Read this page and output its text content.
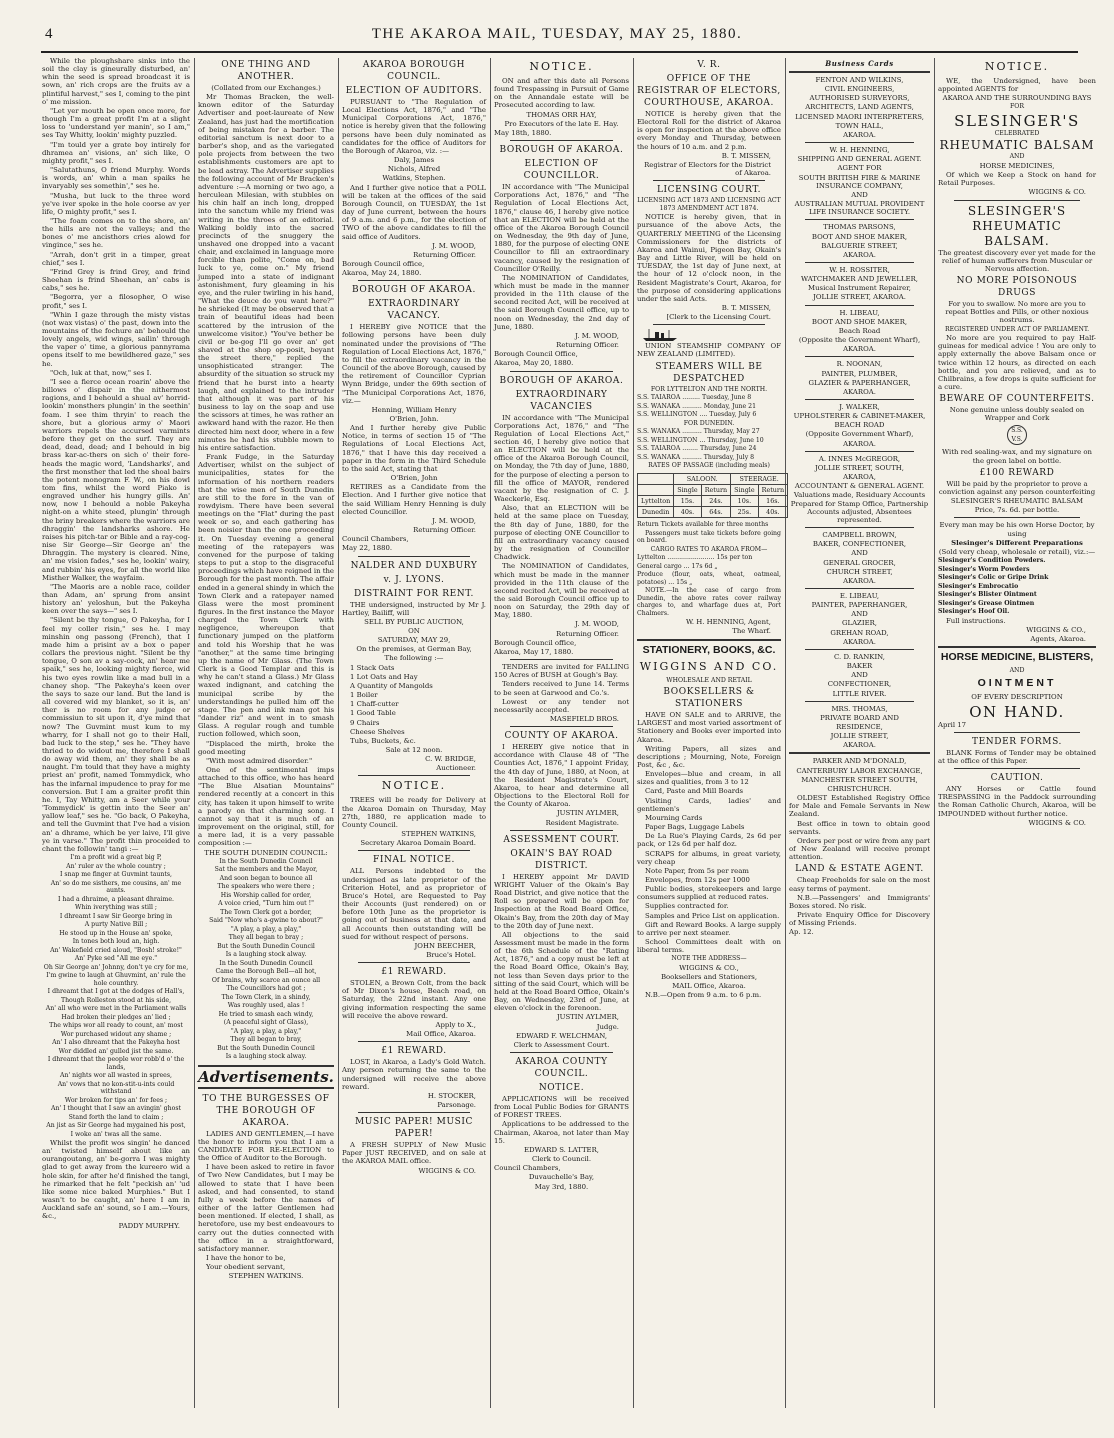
4	THE AKAROA MAIL, TUESDAY, MAY 25, 1880.

While the ploughshare sinks into the soil the clay is gineurally disturbed, an' whin the seed is spread broadcast it is sown, an' rich crops are the fruits av a plintiful harvest," ses I, coming to the pint o' me mission.

"Let yer mouth be open once more, for though I'm a great profit I'm at a slight loss to 'understand yer manin', so I am," ses Tay Whitty, lookin' mighty puzzled.

"I'm tould yer a grate boy intirely for dhramea an' visions, an' sich like, O mighty profit," ses I.

"Salutathuns, O friend Murphy. Words is words, an' whin a man spaiks he invaryably ses somethin'," ses he.

"Musha, but luck to the three word ye've iver spoke in the hole coorse av yer life, O mighty profit," ses I.

"The foam comes on to the shore, an' the hills are not the valleys; and the bones o' me ancisthors cries alowd for vingince," ses he.

"Arrah, don't grit in a timper, great chief," ses I.

"Frind Grey is frind Grey, and frind Sheehan is frind Sheehan, an' cabs is cabs," ses he.

"Begorra, yer a filosopher, O wise profit," ses I.

"Whin I gaze through the misty vistas (not wax vistas) o' the past, down into the mountains of the fochure an' behould the lovely angels, wid wings, sailin' through the vaper o' time, a glorious pannyrama opens itself to me bewildhered gaze," ses he.

"Och, luk at that, now," ses I.

"I see a fierce ocean roarin' above the billows o' dispair in the nithermost ragions, and I behould a shual av' horrid-lookin' monsthers plungin' in the seethin' foam. I see thim thryin' to reach the shore, but a glorious army o' Maori warriors repels the accursed varmints before they get on the surf. They are dead, dead, dead; and I behould in big brass kar-ac-thers on sich o' their fore-heads the magic word, 'Landsharks', and the first monsther that led the shoal bairs the potent monogram F. W., on his dowl tom fins, whilst the word Piako is engraved undher his hungry gills. An' now, now I behould a noble Pakeyha night-on a white steed, plungin' through the briny breakers where the warriors are dhraggin' the landsharks ashore. He raises his pitch-tar or Bible and a ray-cog-nise Sir George—Sir George an' the Dhraggin. The mystery is cleared. Nine, an' me vision fades," ses he, lookin' wairy, and rubbin' his eyes, for all the world like Misther Walker, the wayfaim.

"The Maoris are a noble race, coilder than Adam, an' sprung from ansint history an' yeloshun, but the Pakeyha keen over the says—" ses I.

"Silent be thy tongue, O Pakeyha, for I feel my coller risin," ses he. I may minshin ong passong (French), that I made him a prisint av a box o paper collars the previous night. "Silent be thy tongue, O son av a say-cock, an' hear me spaik," ses he, looking mighty fierce, wid his two eyes rowlin like a mad bull in a chaney shop. "The Pakeyha's keen over the says to saze our land. But the land is all covered wid my blanket, so it is, an' ther is no room for any judge or commissiun to sit upon it, d'ye mind that now? The Guvmint must kum to my wharry, for I shall not go to their Hall, bad luck to the step," ses he. "They have thried to do widout me, therefore I shall do away wid them, an' they shall be as naught. I'm tould that they have a mighty priest an' profit, named Tommydick, who has the infarnal impudence to pray for me conversion. But I am a graiter profit thin he. I, Tay Whitty, am a Seer while your 'Tommydick' is gettin into the Seer an' yallow leaf," ses he. "Go back, O Pakeyha, and tell the Guvmint that I've had a vision an' a dhrame, which be yer laive, I'll give ye in varse." The profit thin proceided to chant the followin' tangi :—

I'm a profit wid a great big P,

An' ruler av the whole country ;

I snap me finger at Guvmint taunts,

An' so do me sisthers, me cousins, an' me aunts.

I had a dhraime, a pleasant dhraime.

Whin iverything was still ;

I dhreamt I saw Sir George bring in

A purty Native Bill ;

He stood up in the House an' spoke,

In tones both loud an, high.

An' Wakefield cried aloud, "Bosh! stroke!"

An' Pyke sed "All me eye."

Oh Sir George an' Johnny, don't ye cry for me,

I'm gwine to laugh at Ghuvmint, an' rule the hole counthry.

I dhreamt that I got at the dodges of Hall's,

Though Rolleston stood at his side,

An' all who were met in the Parliament walls

Had broken their pledges an' lied ;

The whips wor all ready to count, an' most

Wor purchased widout any shame ;

An' I also dhreamt that the Pakeyha host

Wor diddled an' gulled jist the same.

I dhreamt that the people wor robb'd o' the lands,

An' nights wor all wasted in sprees,

An' vows that no kon-stit-u-ints could withstand

Wor broken for tips an' for fees ;

An' I thought that I saw an avingin' ghost

Stand forth the land to claim ;

An jist as Sir George had mygained his post,

I woke an' twas all the same.

Whilst the profit wos singin' he danced an' twisted himself about like an ourangoutang, an' be-gorra I was mighty glad to get away from the kureero wid a hole skin, for after he'd finished the tangi, he rimarked that he felt "peckish an' 'ud like some nice baked Murphies." But I wasn't to be caught, an' here I am in Auckland safe an' sound, so I am.—Yours, &c.,

PADDY MURPHY.

ONE THING AND ANOTHER.

(Collated from our Exchanges.)

Mr Thomas Bracken, the well-known editor of the Saturday Advertiser and poet-laureate of New Zealand, has just had the mortification of being mistaken for a barber. The editorial sanctum is next door to a barber's shop, and as the variegated pole projects from between the two establishments customers are apt to be lead astray. The Advertiser supplies the following account of Mr Bracken's adventure :—A morning or two ago, a herculean Milesian, with stubbles on his chin half an inch long, dropped into the sanctum while my friend was writing in the throes of an editorial. Walking boldly into the sacred precincts of the snuggery the unshaved one dropped into a vacant chair, and exclaimed in language more forcible than polite, "Come on, bad luck to ye, come on." My friend jumped into a state of indignant astonishment, fury gleaming in his eye, and the ruler twirling in his hand, "What the deuce do you want here?" he shrieked (It may be observed that a train of beautiful ideas had been scattered by the intrusion of the unwelcome visitor.) "You've bether be civil or be-gog I'll go over an' get shaved at the shop op-posit, beyant the street there," replied the unsophisticated stranger. The absurdity of the situation so struck my friend that he burst into a hearty laugh, and explained to the intruder that although it was part of his business to lay on the soap and use the scissors at times, he was rather an awkward hand with the razor. He then directed him next door, where in a few minutes he had his stubble mown to his entire satisfaction.

Frank Fudge, in the Saturday Advertiser, whilst on the subject of municipalities, states for the information of his northern readers that the wise men of South Dunedin are still to the fore in the van of rowdyism. There have been several meetings on the "Flat" during the past week or so, and each gathering has been noisier than the one proceeding it. On Tuesday evening a general meeting of the ratepayers was convened for the purpose of taking steps to put a stop to the disgraceful proceedings which have reigned in the Borough for the past month. The affair ended in a general shindy in which the Town Clerk and a ratepayer named Glass were the most prominent figures. In the first instance the Mayor charged the Town Clerk with negligence, whereupon that functionary jumped on the platform and told his Worship that he was "another," at the same time bringing up the name of Mr Glass. (The Town Clerk is a Good Templar and this is why he can't stand a Glass.) Mr Glass waxed indignant, and catching the municipal scribe by the understandings he pulled him off the stage. The pen and ink man got his "dander riz" and went in to smash Glass. A regular rough and tumble ruction followed, which soon,

"Displaced the mirth, broke the good meeting

"With most admired disorder."

One of the sentimental imps attached to this office, who has heard "The Blue Alsatian Mountains" rendered recently at a concert in this city, has taken it upon himself to write a parody on that charming song. I cannot say that it is much of an improvement on the original, still, for a mere lad, it is a very passable composition :—

THE SOUTH DUNEDIN COUNCIL:

In the South Dunedin Council

Sat the members and the Mayor,

And soon began to bounce all

The speakers who were there ;

His Worship called for order,

A voice cried, "Turn him out !"

The Town Clerk got a border,

Said "Now who's a-gwine to about?"

"A play, a play, a play,"

They all began to bray ;

But the South Dunedin Council

Is a laughing stock alway.

In the South Dunedin Council

Came the Borough Bell—all hot,

Of brains, why scarce an ounce all

The Councillors had got ;

The Town Clerk, in a shindy,

Was roughly used, alas !

He tried to smash each windy,

(A peaceful sight of Glass),

"A play, a play, a play,"

They all began to bray,

But the South Dunedin Council

Is a laughing stock alway.

Advertisements.
TO THE BURGESSES OF THE BOROUGH OF AKAROA.

LADIES AND GENTLEMEN,—I have the honor to inform you that I am a CANDIDATE FOR RE-ELECTION to the Office of Auditor to the Borough.

I have been asked to retire in favor of Two New Candidates, but I may be allowed to state that I have been asked, and had consented, to stand fully a week before the names of either of the latter Gentlemen had been mentioned. If elected, I shall, as heretofore, use my best endeavours to carry out the duties connected with the office in a straightforward, satisfactory manner.

I have the honor to be,

Your obedient servant,

STEPHEN WATKINS.

AKAROA BOROUGH COUNCIL.
ELECTION OF AUDITORS.

PURSUANT to "The Regulation of Local Elections Act, 1876," and "The Municipal Corporations Act, 1876," notice is hereby given that the following persons have been duly nominated as candidates for the office of Auditors for the Borough of Akaroa, viz. :—

Daly, James

Nichols, Alfred

Watkins, Stephen.

And I further give notice that a POLL will be taken at the offices of the said Borough Council, on TUESDAY, the 1st day of June current, between the hours of 9 a.m. and 6 p.m., for the election of TWO of the above candidates to fill the said office of Auditors.

J. M. WOOD,

Returning Officer.

Borough Council office,

Akaroa, May 24, 1880.

BOROUGH OF AKAROA.
EXTRAORDINARY VACANCY.

I HEREBY give NOTICE that the following persons have been duly nominated under the provisions of "The Regulation of Local Elections Act, 1876," to fill the extraordinary vacancy in the Council of the above Borough, caused by the retirement of Councillor Cyprian Wynn Bridge, under the 69th section of "The Municipal Corporations Act, 1876, viz.—

Henning, William Henry

O'Brien, John.

And I further hereby give Public Notice, in terms of section 15 of "The Regulations of Local Elections Act, 1876," that I have this day received a paper in the form in the Third Schedule to the said Act, stating that

O'Brien, John

RETIRES as a Candidate from the Election. And I further give notice that the said William Henry Henning is duly elected Councillor.

J. M. WOOD,

Returning Officer.

Council Chambers,

May 22, 1880.

NALDER AND DUXBURY
v. J. LYONS.
DISTRAINT FOR RENT.

THE undersigned, instructed by Mr J. Hartley, Bailiff, will

SELL BY PUBLIC AUCTION,

ON

SATURDAY, MAY 29,

On the premises, at German Bay,

The following :—

1 Stack Oats

1 Lot Oats and Hay

A Quantity of Mangolds

1 Boiler

1 Chaff-cutter

1 Good Table

9 Chairs

Cheese Shelves

Tubs, Buckets, &c.

Sale at 12 noon.

C. W. BRIDGE,

Auctioneer.

NOTICE.

TREES will be ready for Delivery at the Akaroa Domain on Thursday, May 27th, 1880, re application made to County Council.

STEPHEN WATKINS,

Secretary Akaroa Domain Board.

FINAL NOTICE.

ALL Persons indebted to the undersigned as late proprietor of the Criterion Hotel, and as proprietor of Bruce's Hotel, are Requested to Pay their Accounts (just rendered) on or before 10th June as the proprietor is going out of business at that date, and all Accounts then outstanding will be sued for without respect of persons.

JOHN BEECHER,

Bruce's Hotel.

£1 REWARD.

STOLEN, a Brown Colt, from the back of Mr Dixon's house, Beach road, on Saturday, the 22nd instant. Any one giving information respecting the same will receive the above reward.

Apply to X.,

Mail Office, Akaroa.

£1 REWARD.

LOST, in Akaroa, a Lady's Gold Watch. Any person returning the same to the undersigned will receive the above reward.

H. STOCKER,

Parsonage.

MUSIC PAPER! MUSIC PAPER!

A FRESH SUPPLY of New Music Paper JUST RECEIVED, and on sale at the AKAROA MAIL office.

WIGGINS & CO.

NOTICE.

ON and after this date all Persons found Trespassing in Pursuit of Game on the Annandale estate will be Prosecuted according to law.

THOMAS ORR HAY,

Pro Executors of the late E. Hay.

May 18th, 1880.

BOROUGH OF AKAROA.
ELECTION OF COUNCILLOR.

IN accordance with "The Municipal Corporations Act, 1876," and "The Regulation of Local Elections Act, 1876," clause 46, I hereby give notice that an ELECTION will be held at the office of the Akaroa Borough Council on Wednesday, the 9th day of June, 1880, for the purpose of electing ONE Councillor to fill an extraordinary vacancy, caused by the resignation of Councillor O'Reilly.

The NOMINATION of Candidates, which must be made in the manner provided in the 11th clause of the second recited Act, will be received at the said Borough Council office, up to noon on Wednesday, the 2nd day of June, 1880.

J. M. WOOD,

Returning Officer.

Borough Council Office,

Akaroa, May 20, 1880.

BOROUGH OF AKAROA.
EXTRAORDINARY VACANCIES

IN accordance with "The Municipal Corporations Act, 1876," and "The Regulation of Local Elections Act," section 46, I hereby give notice that an ELECTION will be held at the office of the Akaroa Borough Council, on Monday, the 7th day of June, 1880, for the purpose of electing a person to fill the office of MAYOR, rendered vacant by the resignation of C. J. Waeckerle, Esq.

Also, that an ELECTION will be held at the same place on Tuesday, the 8th day of June, 1880, for the purpose of electing ONE Councillor to fill an extraordinary vacancy caused by the resignation of Councillor Chadwick.

The NOMINATION of Candidates, which must be made in the manner provided in the 11th clause of the second recited Act, will be received at the said Borough Council office up to noon on Saturday, the 29th day of May, 1880.

J. M. WOOD,

Returning Officer.

Borough Council office,

Akaroa, May 17, 1880.

TENDERS are invited for FALLING 150 Acres of BUSH at Gough's Bay.

Tenders received to June 14. Terms to be seen at Garwood and Co.'s.

Lowest or any tender not necessarily accepted.

MASEFIELD BROS.

COUNTY OF AKAROA.

I HEREBY give notice that in accordance with Clause 48 of "The Counties Act, 1876," I appoint Friday, the 4th day of June, 1880, at Noon, at the Resident Magistrate's Court, Akaroa, to hear and determine all Objections to the Electoral Roll for the County of Akaroa.

JUSTIN AYLMER,

Resident Magistrate.

ASSESSMENT COURT.
OKAIN'S BAY ROAD DISTRICT.

I HEREBY appoint Mr DAVID WRIGHT Valuer of the Okain's Bay Road District, and give notice that the Roll so prepared will be open for Inspection at the Road Board Office, Okain's Bay, from the 20th day of May to the 20th day of June next.

All objections to the said Assessment must be made in the form of the 6th Schedule of the "Rating Act, 1876," and a copy must be left at the Road Board Office, Okain's Bay, not less than Seven days prior to the sitting of the said Court, which will be held at the Road Board Office, Okain's Bay, on Wednesday, 23rd of June, at eleven o'clock in the forenoon.

JUSTIN AYLMER,

Judge.

EDWARD F. WELCHMAN,

Clerk to Assessment Court.

AKAROA COUNTY COUNCIL.
NOTICE.

APPLICATIONS will be received from Local Public Bodies for GRANTS of FOREST TREES.

Applications to be addressed to the Chairman, Akaroa, not later than May 15.

EDWARD S. LATTER,

Clerk to Council.

Council Chambers,

Duvauchelle's Bay,

May 3rd, 1880.

V. R.
OFFICE OF THE REGISTRAR OF ELECTORS, COURTHOUSE, AKAROA.

NOTICE is hereby given that the Electoral Roll for the district of Akaroa is open for inspection at the above office every Monday and Thursday, between the hours of 10 a.m. and 2 p.m.

B. T. MISSEN,

Registrar of Electors for the District of Akaroa.

LICENSING COURT.

LICENSING ACT 1873 AND LICENSING ACT 1873 AMENDMENT ACT 1874.

NOTICE is hereby given, that in pursuance of the above Acts, the QUARTERLY MEETING of the Licensing Commissioners for the districts of Akaroa and Wainui, Pigeon Bay, Okain's Bay and Little River, will be held on TUESDAY, the 1st day of June next, at the hour of 12 o'clock noon, in the Resident Magistrate's Court, Akaroa, for the purpose of considering applications under the said Acts.

B. T. MISSEN,

[Clerk to the Licensing Court.

UNION STEAMSHIP COMPANY OF NEW ZEALAND (LIMITED).

STEAMERS WILL BE DESPATCHED

FOR LYTTELTON AND THE NORTH.

S.S. TAIAROA ......... Tuesday, June 8

S.S. WANAKA .......... Monday, June 21

S.S. WELLINGTON .... Tuesday, July 6

FOR DUNEDIN.

S.S. WANAKA .......... Thursday, May 27

S.S. WELLINGTON ... Thursday, June 10

S.S. TAIAROA ........ Thursday, June 24

S.S. WANAKA .......... Thursday, July 8

RATES OF PASSAGE (including meals)

	SALOON.		STEERAGE.	
	Single	Return	Single	Return
Lyttelton	15s.	24s.	10s.	16s.
Dunedin	40s.	64s.	25s.	40s.

Return Tickets available for three months

Passengers must take tickets before going on board.

CARGO RATES TO AKAROA FROM—

Lyttelton ........................ 15s per ton

General cargo ... 17s 6d „

Produce (flour, oats, wheat, oatmeal, potatoes) ... 15s „

NOTE.—In the case of cargo from Dunedin, the above rates cover railway charges to, and wharfage dues at, Port Chalmers.

W. H. HENNING, Agent,

The Wharf.

STATIONERY, BOOKS, &C.
WIGGINS AND CO.

WHOLESALE AND RETAIL

BOOKSELLERS & STATIONERS

HAVE ON SALE and to ARRIVE, the LARGEST and most varied assortment of Stationery and Books ever imported into Akaroa.

Writing Papers, all sizes and descriptions ; Mourning, Note, Foreign Post, &c , &c.

Envelopes—blue and cream, in all sizes and qualities, from 3 to 12

Card, Paste and Mill Boards

Visiting Cards, ladies' and gentlemen's

Mourning Cards

Paper Bags, Luggage Labels

De La Rue's Playing Cards, 2s 6d per pack, or 12s 6d per half doz.

SCRAPS for albums, in great variety, very cheap

Note Paper, from 5s per ream

Envelopes, from 12s per 1000

Public bodies, storekeepers and large consumers supplied at reduced rates.

Supplies contracted for.

Samples and Price List on application.

Gift and Reward Books. A large supply to arrive per next steamer.

School Committees dealt with on liberal terms.

NOTE THE ADDRESS—

WIGGINS & CO.,

Booksellers and Stationers,

MAIL Office, Akaroa.

N.B.—Open from 9 a.m. to 6 p.m.

Business Cards

FENTON AND WILKINS,

CIVIL ENGINEERS,

AUTHORISED SURVEYORS,

ARCHITECTS, LAND AGENTS,

LICENSED MAORI INTERPRETERS,

TOWN HALL,

AKAROA.

W. H. HENNING,

SHIPPING AND GENERAL AGENT.

AGENT FOR

SOUTH BRITISH FIRE & MARINE INSURANCE COMPANY,

AND

AUSTRALIAN MUTUAL PROVIDENT LIFE INSURANCE SOCIETY.

THOMAS PARSONS,

BOOT AND SHOE MAKER,

BALGUERIE STREET,

AKAROA.

W. H. ROSSITER,

WATCHMAKER AND JEWELLER,

Musical Instrument Repairer,

JOLLIE STREET, AKAROA.

H. LIBEAU,

BOOT AND SHOE MAKER,

Beach Road

(Opposite the Government Wharf),

AKAROA.

R. NOONAN,

PAINTER, PLUMBER,

GLAZIER & PAPERHANGER,

AKAROA.

J. WALKER,

UPHOLSTERER & CABINET-MAKER,

BEACH ROAD

(Opposite Government Wharf),

AKAROA.

A. INNES McGREGOR,

JOLLIE STREET, SOUTH,

AKAROA,

ACCOUNTANT & GENERAL AGENT.

Valuations made, Residuary Accounts Prepared for Stamp Office, Partnership Accounts adjusted, Absentees represented.

CAMPBELL BROWN,

BAKER, CONFECTIONER,

AND

GENERAL GROCER,

CHURCH STREET,

AKAROA.

E. LIBEAU,

PAINTER, PAPERHANGER,

AND

GLAZIER,

GREHAN ROAD,

AKAROA.

C. D. RANKIN,

BAKER

AND

CONFECTIONER,

LITTLE RIVER.

MRS. THOMAS,

PRIVATE BOARD AND

RESIDENCE,

JOLLIE STREET,

AKAROA.

PARKER AND M'DONALD,

CANTERBURY LABOR EXCHANGE,

MANCHESTER STREET SOUTH,

CHRISTCHURCH.

OLDEST Established Registry Office for Male and Female Servants in New Zealand.

Best office in town to obtain good servants.

Orders per post or wire from any part of New Zealand will receive prompt attention.

LAND & ESTATE AGENT.

Cheap Freeholds for sale on the most easy terms of payment.

N.B.—Passengers' and Immigrants' Boxes stored. No risk.

Private Enquiry Office for Discovery of Missing Friends.

Ap. 12.

NOTICE.

WE, the Undersigned, have been appointed AGENTS for

AKAROA AND THE SURROUNDING BAYS

FOR

SLESINGER'S

CELEBRATED

RHEUMATIC BALSAM

AND

HORSE MEDICINES,

Of which we Keep a Stock on hand for Retail Purposes.

WIGGINS & CO.

SLESINGER'S
RHEUMATIC BALSAM.

The greatest discovery ever yet made for the relief of human sufferers from Muscular or Nervous affection.

NO MORE POISONOUS DRUGS

For you to swallow. No more are you to repeat Bottles and Pills, or other noxious nostrums.

REGISTERED UNDER ACT OF PARLIAMENT.

No more are you required to pay Half-guineas for medical advice ! You are only to apply externally the above Balsam once or twice within 12 hours, as directed on each bottle, and you are relieved, and as to Chilbrains, a few drops is quite sufficient for a cure.

BEWARE OF COUNTERFEITS.

None genuine unless doubly sealed on Wrapper and Cork

S.S. V.S.

With red sealing-wax, and my signature on the green label on bottle.

£100 REWARD

Will be paid by the proprietor to prove a conviction against any person counterfeiting

SLESINGER'S RHEUMATIC BALSAM

Price, 7s. 6d. per bottle.

Every man may be his own Horse Doctor, by using

Slesinger's Different Preparations

(Sold very cheap, wholesale or retail), viz.:—

Slesinger's Condition Powders.

Slesinger's Worm Powders

Slesinger's Colic or Gripe Drink

Slesinger's Embrocatio

Slesinger's Blister Ointment

Slesinger's Grease Ointmen

Slesinger's Hoof Oil.

Full instructions.

WIGGINS & CO.,

Agents, Akaroa.

HORSE MEDICINE, BLISTERS,

AND

OINTMENT

OF EVERY DESCRIPTION

ON HAND.

April 17

TENDER FORMS.

BLANK Forms of Tender may be obtained at the office of this Paper.

CAUTION.

ANY Horses or Cattle found TRESPASSING in the Paddock surrounding the Roman Catholic Church, Akaroa, will be IMPOUNDED without further notice.

WIGGINS & CO.
